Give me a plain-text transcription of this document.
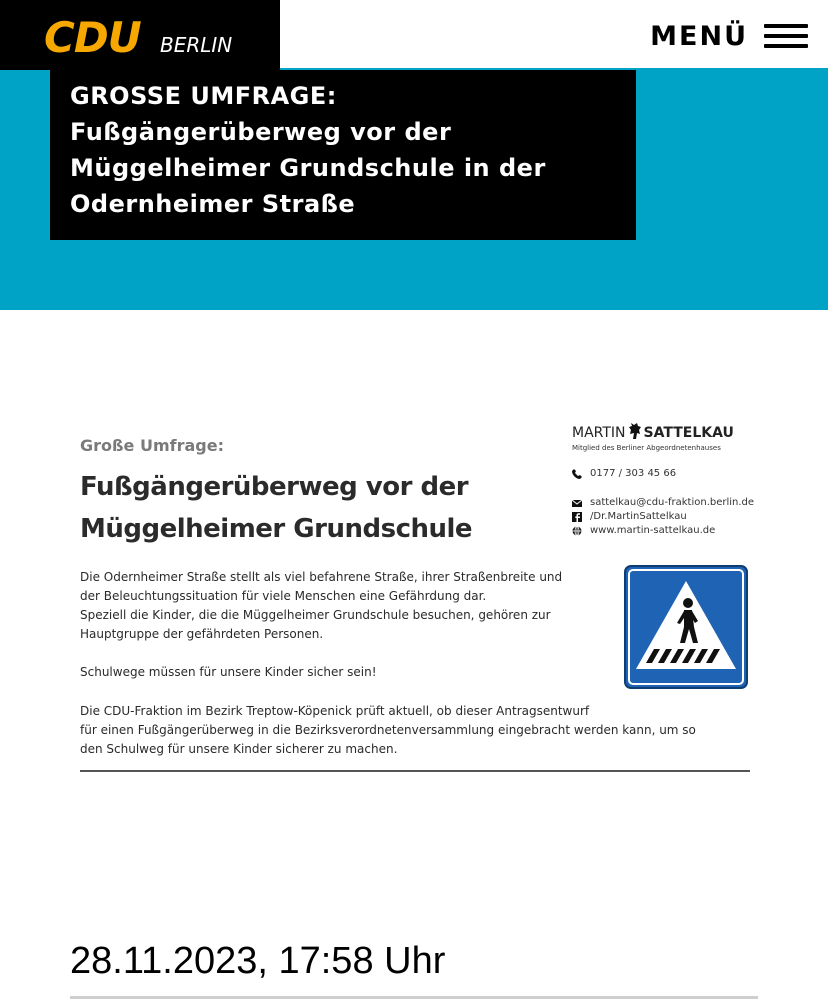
CDU BERLIN	MENÜ
GROSSE UMFRAGE:
Fußgängerüberweg vor der
Müggelheimer Grundschule in der
Odernheimer Straße
Große Umfrage:
Fußgängerüberweg vor der
Müggelheimer Grundschule
MARTIN SATTELKAU
Mitglied des Berliner Abgeordnetenhauses
0177 / 303 45 66
sattelkau@cdu-fraktion.berlin.de
/Dr.MartinSattelkau
www.martin-sattelkau.de

Die Odernheimer Straße stellt als viel befahrene Straße, ihrer Straßenbreite und

der Beleuchtungssituation für viele Menschen eine Gefährdung dar.

Speziell die Kinder, die die Müggelheimer Grundschule besuchen, gehören zur

Hauptgruppe der gefährdeten Personen.

Schulwege müssen für unsere Kinder sicher sein!

Die CDU-Fraktion im Bezirk Treptow-Köpenick prüft aktuell, ob dieser Antragsentwurf

für einen Fußgängerüberweg in die Bezirksverordnetenversammlung eingebracht werden kann, um so

den Schulweg für unsere Kinder sicherer zu machen.

28.11.2023, 17:58 Uhr
